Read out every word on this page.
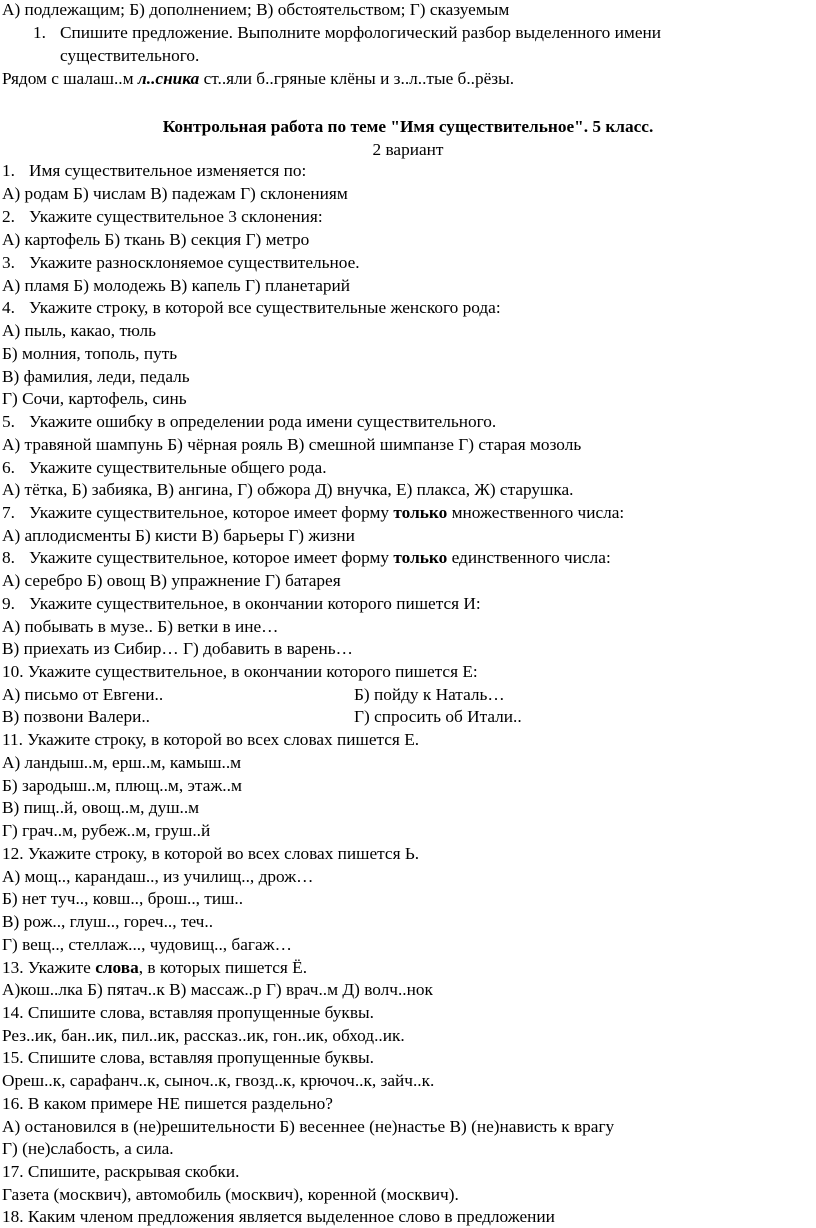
А) подлежащим; Б) дополнением; В) обстоятельством; Г) сказуемым
1. Спишите предложение. Выполните морфологический разбор выделенного имени
существительного.
Рядом с шалаш..м л..сника ст..яли б..гряные клёны и з..л..тые б..рёзы.
Контрольная работа по теме "Имя существительное". 5 класс.
2 вариант
1. Имя существительное изменяется по:
А) родам Б) числам В) падежам Г) склонениям
2. Укажите существительное 3 склонения:
А) картофель Б) ткань В) секция Г) метро
3. Укажите разносклоняемое существительное.
А) пламя Б) молодежь В) капель Г) планетарий
4. Укажите строку, в которой все существительные женского рода:
А) пыль, какао, тюль
Б) молния, тополь, путь
В) фамилия, леди, педаль
Г) Сочи, картофель, синь
5. Укажите ошибку в определении рода имени существительного.
А) травяной шампунь Б) чёрная рояль В) смешной шимпанзе Г) старая мозоль
6. Укажите существительные общего рода.
А) тётка, Б) забияка, В) ангина, Г) обжора Д) внучка, Е) плакса, Ж) старушка.
7. Укажите существительное, которое имеет форму только множественного числа:
А) аплодисменты Б) кисти В) барьеры Г) жизни
8. Укажите существительное, которое имеет форму только единственного числа:
А) серебро Б) овощ В) упражнение Г) батарея
9. Укажите существительное, в окончании которого пишется И:
А) побывать в музе.. Б) ветки в ине…
В) приехать из Сибир… Г) добавить в варень…
10. Укажите существительное, в окончании которого пишется Е:
А) письмо от Евгени..	Б) пойду к Наталь…
В) позвони Валери..	Г) спросить об Итали..
11. Укажите строку, в которой во всех словах пишется Е.
А) ландыш..м, ерш..м, камыш..м
Б) зародыш..м, плющ..м, этаж..м
В) пищ..й, овощ..м, душ..м
Г) грач..м, рубеж..м, груш..й
12. Укажите строку, в которой во всех словах пишется Ь.
А) мощ.., карандаш.., из училищ.., дрож…
Б) нет туч.., ковш.., брош.., тиш..
В) рож.., глуш.., гореч.., теч..
Г) вещ.., стеллаж..., чудовищ.., багаж…
13. Укажите слова, в которых пишется Ё.
А)кош..лка Б) пятач..к В) массаж..р Г) врач..м Д) волч..нок
14. Спишите слова, вставляя пропущенные буквы.
Рез..ик, бан..ик, пил..ик, рассказ..ик, гон..ик, обход..ик.
15. Спишите слова, вставляя пропущенные буквы.
Ореш..к, сарафанч..к, сыноч..к, гвозд..к, крючоч..к, зайч..к.
16. В каком примере НЕ пишется раздельно?
А) остановился в (не)решительности Б) весеннее (не)настье В) (не)нависть к врагу
Г) (не)слабость, а сила.
17. Спишите, раскрывая скобки.
Газета (москвич), автомобиль (москвич), коренной (москвич).
18. Каким членом предложения является выделенное слово в предложении
